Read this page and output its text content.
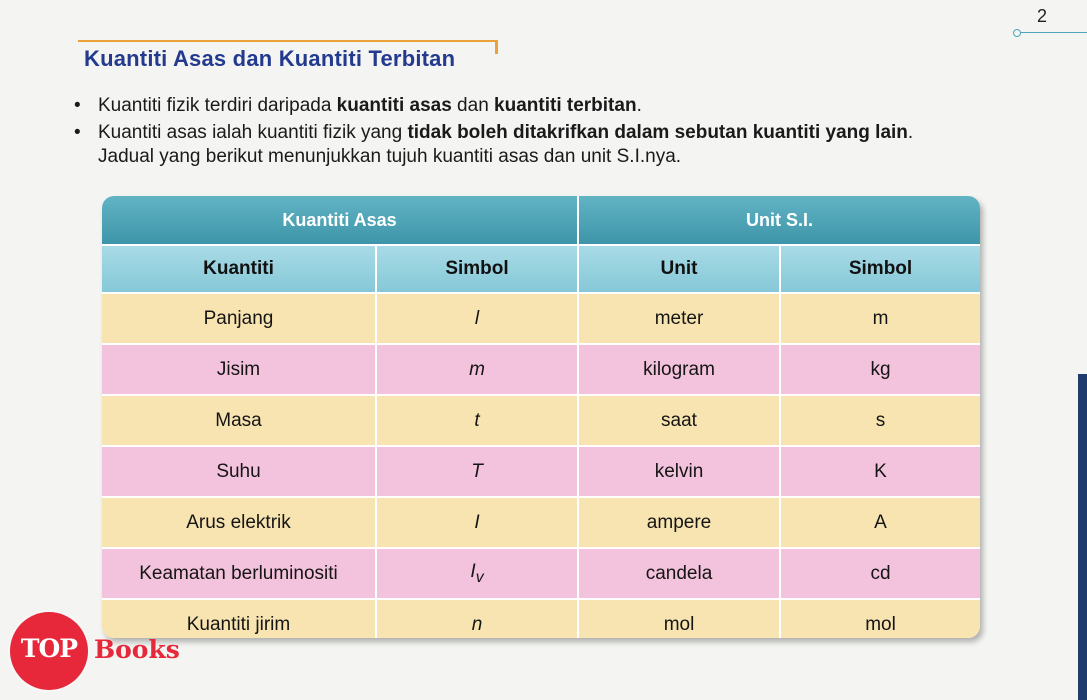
2
Kuantiti Asas dan Kuantiti Terbitan
• Kuantiti fizik terdiri daripada kuantiti asas dan kuantiti terbitan.
• Kuantiti asas ialah kuantiti fizik yang tidak boleh ditakrifkan dalam sebutan kuantiti yang lain.
Jadual yang berikut menunjukkan tujuh kuantiti asas dan unit S.I.nya.
Kuantiti Asas		Unit S.I.	
Kuantiti	Simbol	Unit	Simbol
Panjang	l	meter	m
Jisim	m	kilogram	kg
Masa	t	saat	s
Suhu	T	kelvin	K
Arus elektrik	I	ampere	A
Keamatan berluminositi	$I_v$	candela	cd
Kuantiti jirim	n	mol	mol
TOP Books
